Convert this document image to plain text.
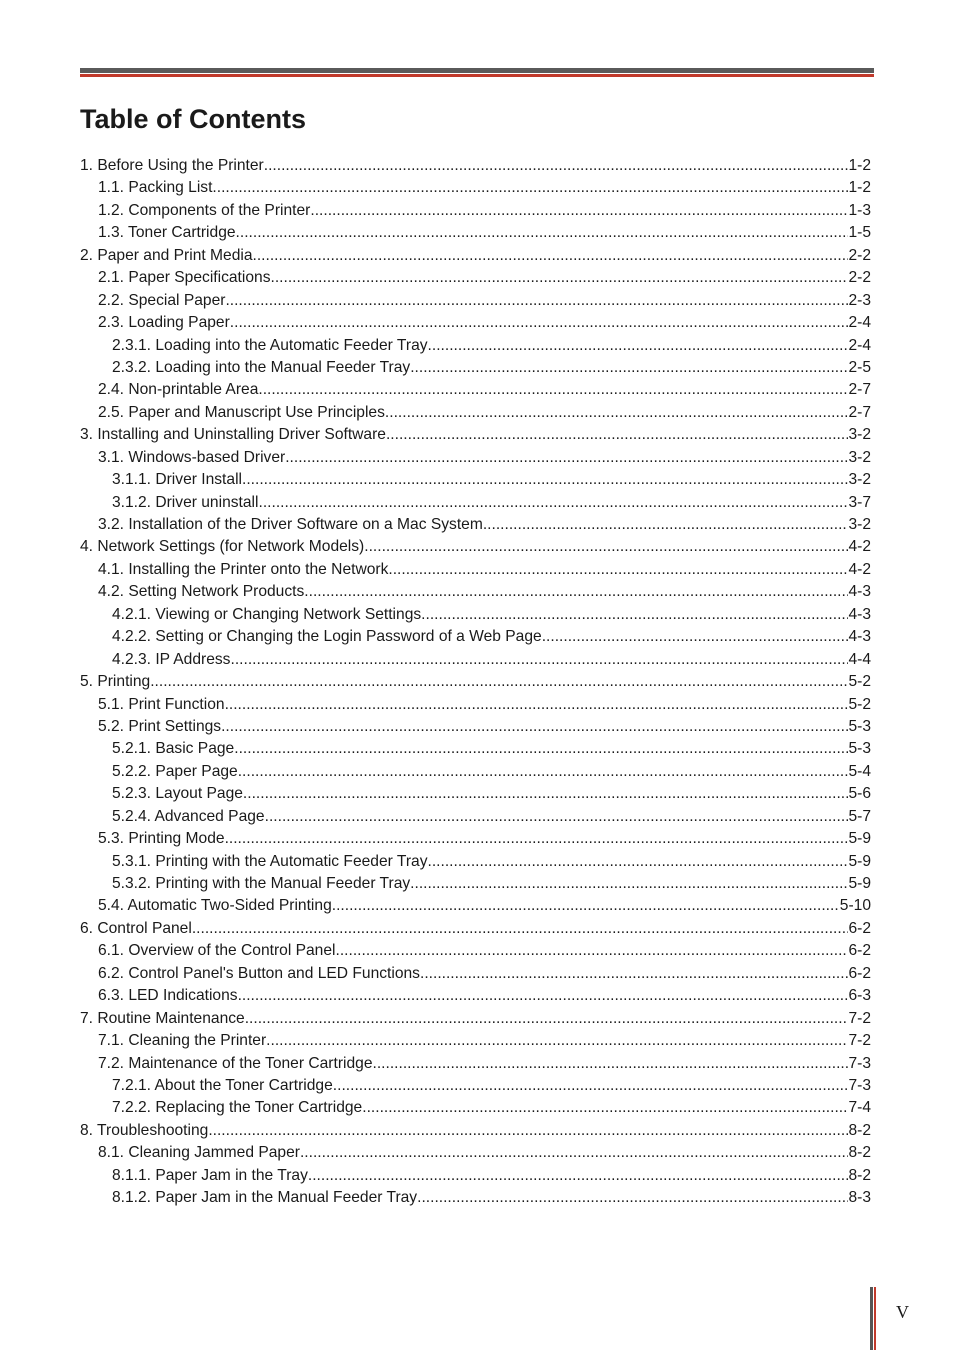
Table of Contents
1. Before Using the Printer .....	1-2
1.1. Packing List .....	1-2
1.2. Components of the Printer .....	1-3
1.3. Toner Cartridge .....	1-5
2. Paper and Print Media .....	2-2
2.1. Paper Specifications .....	2-2
2.2. Special Paper .....	2-3
2.3. Loading Paper .....	2-4
2.3.1. Loading into the Automatic Feeder Tray .....	2-4
2.3.2. Loading into the Manual Feeder Tray .....	2-5
2.4. Non-printable Area .....	2-7
2.5. Paper and Manuscript Use Principles .....	2-7
3. Installing and Uninstalling Driver Software .....	3-2
3.1. Windows-based Driver .....	3-2
3.1.1. Driver Install .....	3-2
3.1.2. Driver uninstall .....	3-7
3.2. Installation of the Driver Software on a Mac System .....	3-2
4. Network Settings (for Network Models) .....	4-2
4.1. Installing the Printer onto the Network .....	4-2
4.2. Setting Network Products .....	4-3
4.2.1. Viewing or Changing Network Settings .....	4-3
4.2.2. Setting or Changing the Login Password of a Web Page .....	4-3
4.2.3. IP Address .....	4-4
5. Printing .....	5-2
5.1. Print Function .....	5-2
5.2. Print Settings .....	5-3
5.2.1. Basic Page .....	5-3
5.2.2. Paper Page .....	5-4
5.2.3. Layout Page .....	5-6
5.2.4. Advanced Page .....	5-7
5.3. Printing Mode .....	5-9
5.3.1. Printing with the Automatic Feeder Tray .....	5-9
5.3.2. Printing with the Manual Feeder Tray .....	5-9
5.4. Automatic Two-Sided Printing .....	5-10
6. Control Panel .....	6-2
6.1. Overview of the Control Panel .....	6-2
6.2. Control Panel's Button and LED Functions .....	6-2
6.3. LED Indications .....	6-3
7. Routine Maintenance .....	7-2
7.1. Cleaning the Printer .....	7-2
7.2. Maintenance of the Toner Cartridge .....	7-3
7.2.1. About the Toner Cartridge .....	7-3
7.2.2. Replacing the Toner Cartridge .....	7-4
8. Troubleshooting .....	8-2
8.1. Cleaning Jammed Paper .....	8-2
8.1.1. Paper Jam in the Tray .....	8-2
8.1.2. Paper Jam in the Manual Feeder Tray .....	8-3
V
